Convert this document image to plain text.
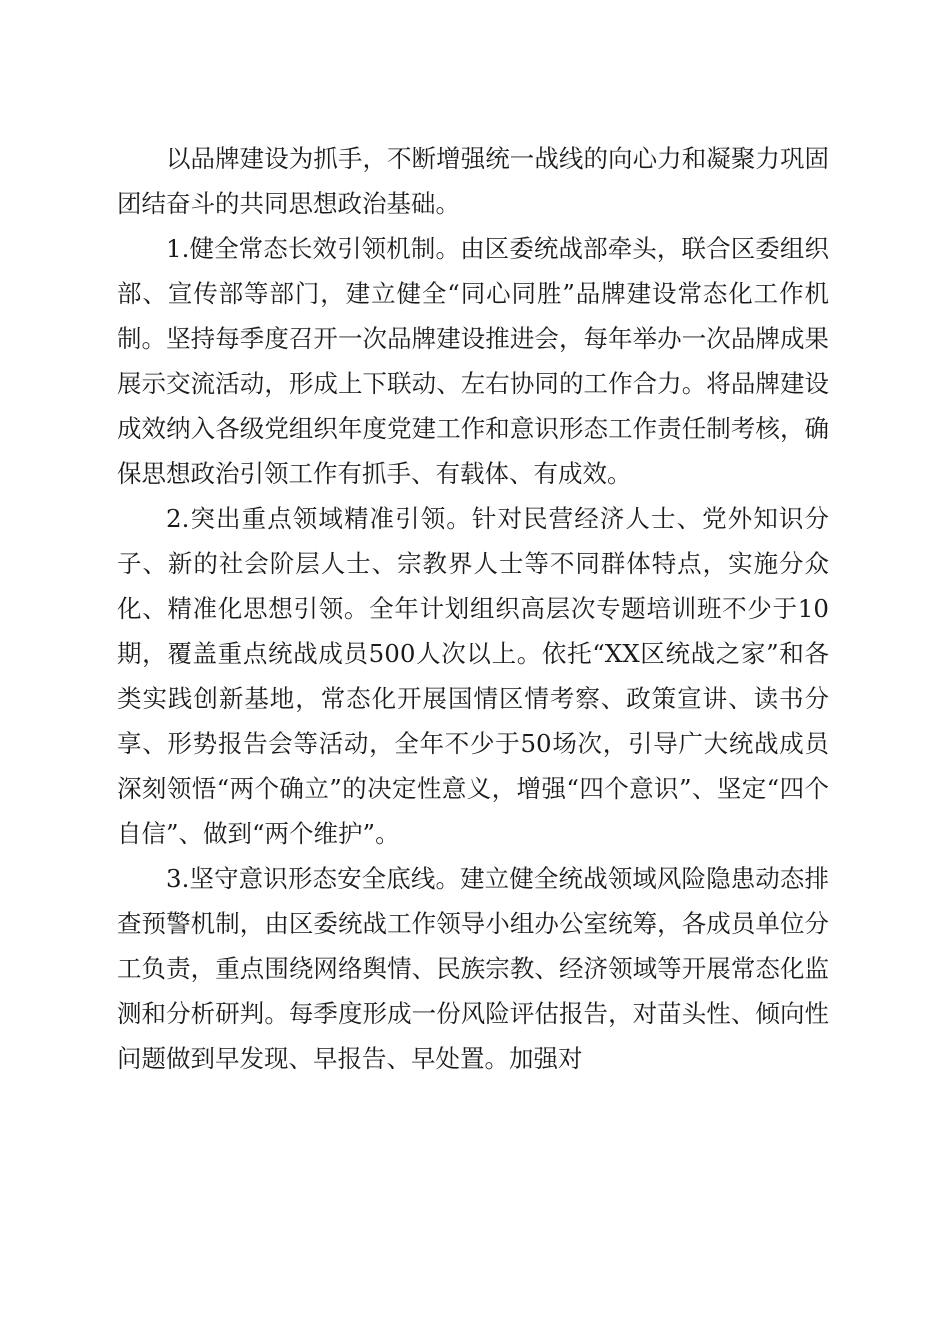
以品牌建设为抓手，不断增强统一战线的向心力和凝聚力巩固团结奋斗的共同思想政治基础。

1.健全常态长效引领机制。由区委统战部牵头，联合区委组织部、宣传部等部门，建立健全“同心同胜”品牌建设常态化工作机制。坚持每季度召开一次品牌建设推进会，每年举办一次品牌成果展示交流活动，形成上下联动、左右协同的工作合力。将品牌建设成效纳入各级党组织年度党建工作和意识形态工作责任制考核，确保思想政治引领工作有抓手、有载体、有成效。

2.突出重点领域精准引领。针对民营经济人士、党外知识分子、新的社会阶层人士、宗教界人士等不同群体特点，实施分众化、精准化思想引领。全年计划组织高层次专题培训班不少于10期，覆盖重点统战成员500人次以上。依托“XX区统战之家”和各类实践创新基地，常态化开展国情区情考察、政策宣讲、读书分享、形势报告会等活动，全年不少于50场次，引导广大统战成员深刻领悟“两个确立”的决定性意义，增强“四个意识”、坚定“四个自信”、做到“两个维护”。

3.坚守意识形态安全底线。建立健全统战领域风险隐患动态排查预警机制，由区委统战工作领导小组办公室统筹，各成员单位分工负责，重点围绕网络舆情、民族宗教、经济领域等开展常态化监测和分析研判。每季度形成一份风险评估报告，对苗头性、倾向性问题做到早发现、早报告、早处置。加强对
